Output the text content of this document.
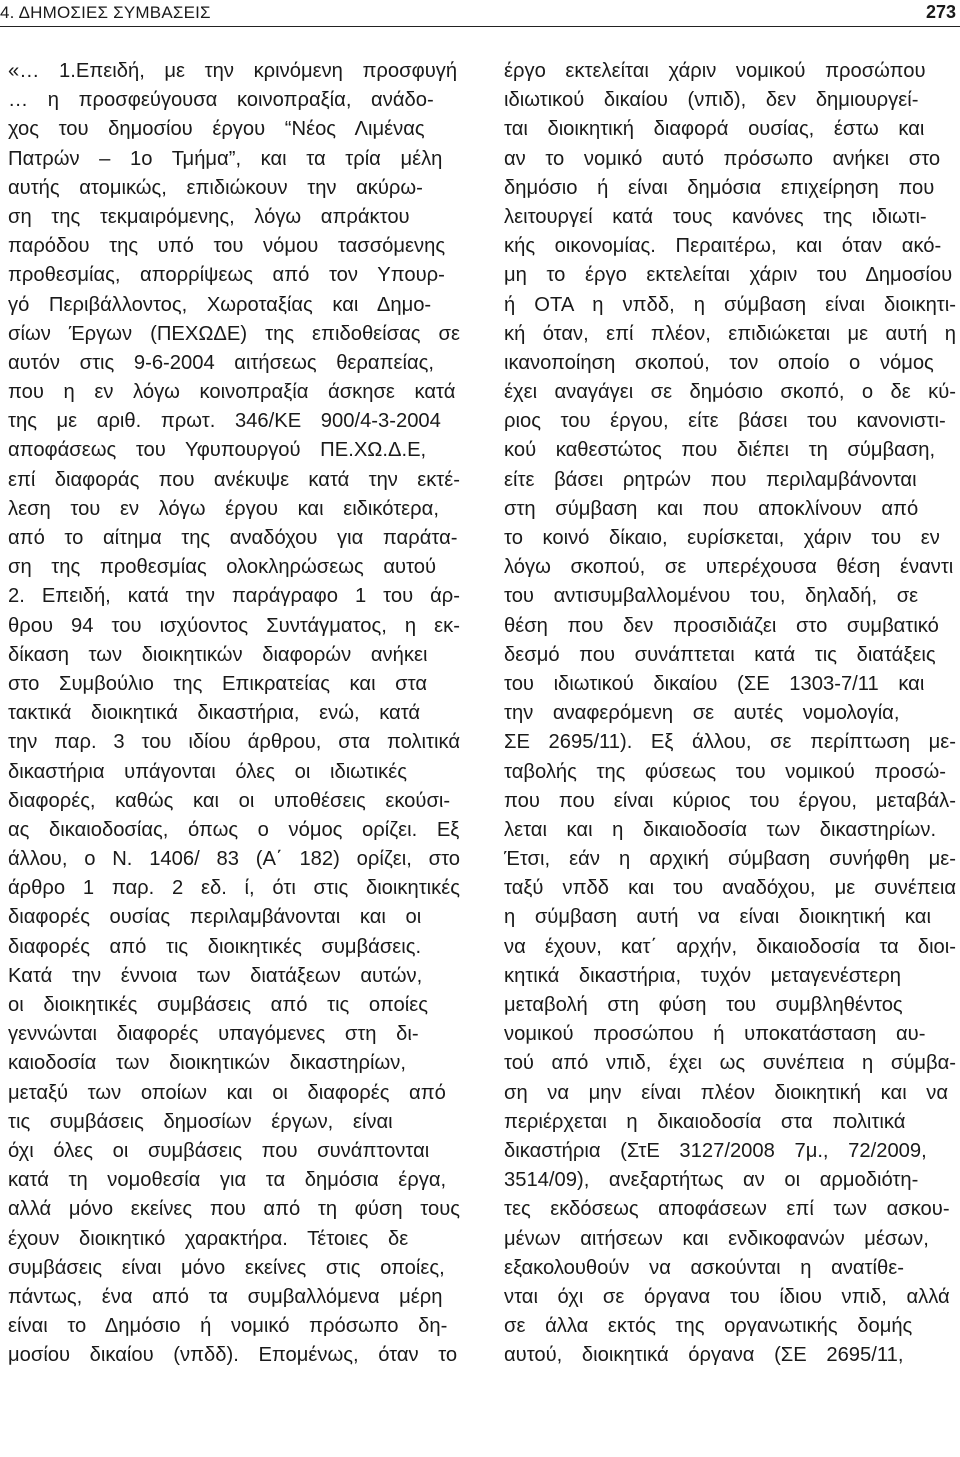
4. ΔΗΜΟΣΙΕΣ ΣΥΜΒΑΣΕΙΣ	273
«… 1.Επειδή, με την κρινόμενη προσφυγή
… η προσφεύγουσα κοινοπραξία, ανάδο-
χος του δημοσίου έργου “Νέος Λιμένας
Πατρών – 1ο Τμήμα”, και τα τρία μέλη
αυτής ατομικώς, επιδιώκουν την ακύρω-
ση της τεκμαιρόμενης, λόγω απράκτου
παρόδου της υπό του νόμου τασσόμενης
προθεσμίας, απορρίψεως από τον Υπουρ-
γό Περιβάλλοντος, Χωροταξίας και Δημο-
σίων Έργων (ΠΕΧΩΔΕ) της επιδοθείσας σε
αυτόν στις 9-6-2004 αιτήσεως θεραπείας,
που η εν λόγω κοινοπραξία άσκησε κατά
της με αριθ. πρωτ. 346/ΚΕ 900/4-3-2004
αποφάσεως του Υφυπουργού ΠΕ.ΧΩ.Δ.Ε,
επί διαφοράς που ανέκυψε κατά την εκτέ-
λεση του εν λόγω έργου και ειδικότερα,
από το αίτημα της αναδόχου για παράτα-
ση της προθεσμίας ολοκληρώσεως αυτού
2. Επειδή, κατά την παράγραφο 1 του άρ-
θρου 94 του ισχύοντος Συντάγματος, η εκ-
δίκαση των διοικητικών διαφορών ανήκει
στο Συμβούλιο της Επικρατείας και στα
τακτικά διοικητικά δικαστήρια, ενώ, κατά
την παρ. 3 του ιδίου άρθρου, στα πολιτικά
δικαστήρια υπάγονται όλες οι ιδιωτικές
διαφορές, καθώς και οι υποθέσεις εκούσι-
ας δικαιοδοσίας, όπως ο νόμος ορίζει. Εξ
άλλου, ο Ν. 1406/ 83 (Α΄ 182) ορίζει, στο
άρθρο 1 παρ. 2 εδ. ί, ότι στις διοικητικές
διαφορές ουσίας περιλαμβάνονται και οι
διαφορές από τις διοικητικές συμβάσεις.
Κατά την έννοια των διατάξεων αυτών,
οι διοικητικές συμβάσεις από τις οποίες
γεννώνται διαφορές υπαγόμενες στη δι-
καιοδοσία των διοικητικών δικαστηρίων,
μεταξύ των οποίων και οι διαφορές από
τις συμβάσεις δημοσίων έργων, είναι
όχι όλες οι συμβάσεις που συνάπτονται
κατά τη νομοθεσία για τα δημόσια έργα,
αλλά μόνο εκείνες που από τη φύση τους
έχουν διοικητικό χαρακτήρα. Τέτοιες δε
συμβάσεις είναι μόνο εκείνες στις οποίες,
πάντως, ένα από τα συμβαλλόμενα μέρη
είναι το Δημόσιο ή νομικό πρόσωπο δη-
μοσίου δικαίου (νπδδ). Επομένως, όταν το
έργο εκτελείται χάριν νομικού προσώπου
ιδιωτικού δικαίου (νπιδ), δεν δημιουργεί-
ται διοικητική διαφορά ουσίας, έστω και
αν το νομικό αυτό πρόσωπο ανήκει στο
δημόσιο ή είναι δημόσια επιχείρηση που
λειτουργεί κατά τους κανόνες της ιδιωτι-
κής οικονομίας. Περαιτέρω, και όταν ακό-
μη το έργο εκτελείται χάριν του Δημοσίου
ή ΟΤΑ η νπδδ, η σύμβαση είναι διοικητι-
κή όταν, επί πλέον, επιδιώκεται με αυτή η
ικανοποίηση σκοπού, τον οποίο ο νόμος
έχει αναγάγει σε δημόσιο σκοπό, ο δε κύ-
ριος του έργου, είτε βάσει του κανονιστι-
κού καθεστώτος που διέπει τη σύμβαση,
είτε βάσει ρητρών που περιλαμβάνονται
στη σύμβαση και που αποκλίνουν από
το κοινό δίκαιο, ευρίσκεται, χάριν του εν
λόγω σκοπού, σε υπερέχουσα θέση έναντι
του αντισυμβαλλομένου του, δηλαδή, σε
θέση που δεν προσιδιάζει στο συμβατικό
δεσμό που συνάπτεται κατά τις διατάξεις
του ιδιωτικού δικαίου (ΣΕ 1303-7/11 και
την αναφερόμενη σε αυτές νομολογία,
ΣΕ 2695/11). Εξ άλλου, σε περίπτωση με-
ταβολής της φύσεως του νομικού προσώ-
που που είναι κύριος του έργου, μεταβάλ-
λεται και η δικαιοδοσία των δικαστηρίων.
Έτσι, εάν η αρχική σύμβαση συνήφθη με-
ταξύ νπδδ και του αναδόχου, με συνέπεια
η σύμβαση αυτή να είναι διοικητική και
να έχουν, κατ΄ αρχήν, δικαιοδοσία τα διοι-
κητικά δικαστήρια, τυχόν μεταγενέστερη
μεταβολή στη φύση του συμβληθέντος
νομικού προσώπου ή υποκατάσταση αυ-
τού από νπιδ, έχει ως συνέπεια η σύμβα-
ση να μην είναι πλέον διοικητική και να
περιέρχεται η δικαιοδοσία στα πολιτικά
δικαστήρια (ΣτΕ 3127/2008 7μ., 72/2009,
3514/09), ανεξαρτήτως αν οι αρμοδιότη-
τες εκδόσεως αποφάσεων επί των ασκου-
μένων αιτήσεων και ενδικοφανών μέσων,
εξακολουθούν να ασκούνται η ανατίθε-
νται όχι σε όργανα του ίδιου νπιδ, αλλά
σε άλλα εκτός της οργανωτικής δομής
αυτού, διοικητικά όργανα (ΣΕ 2695/11,
